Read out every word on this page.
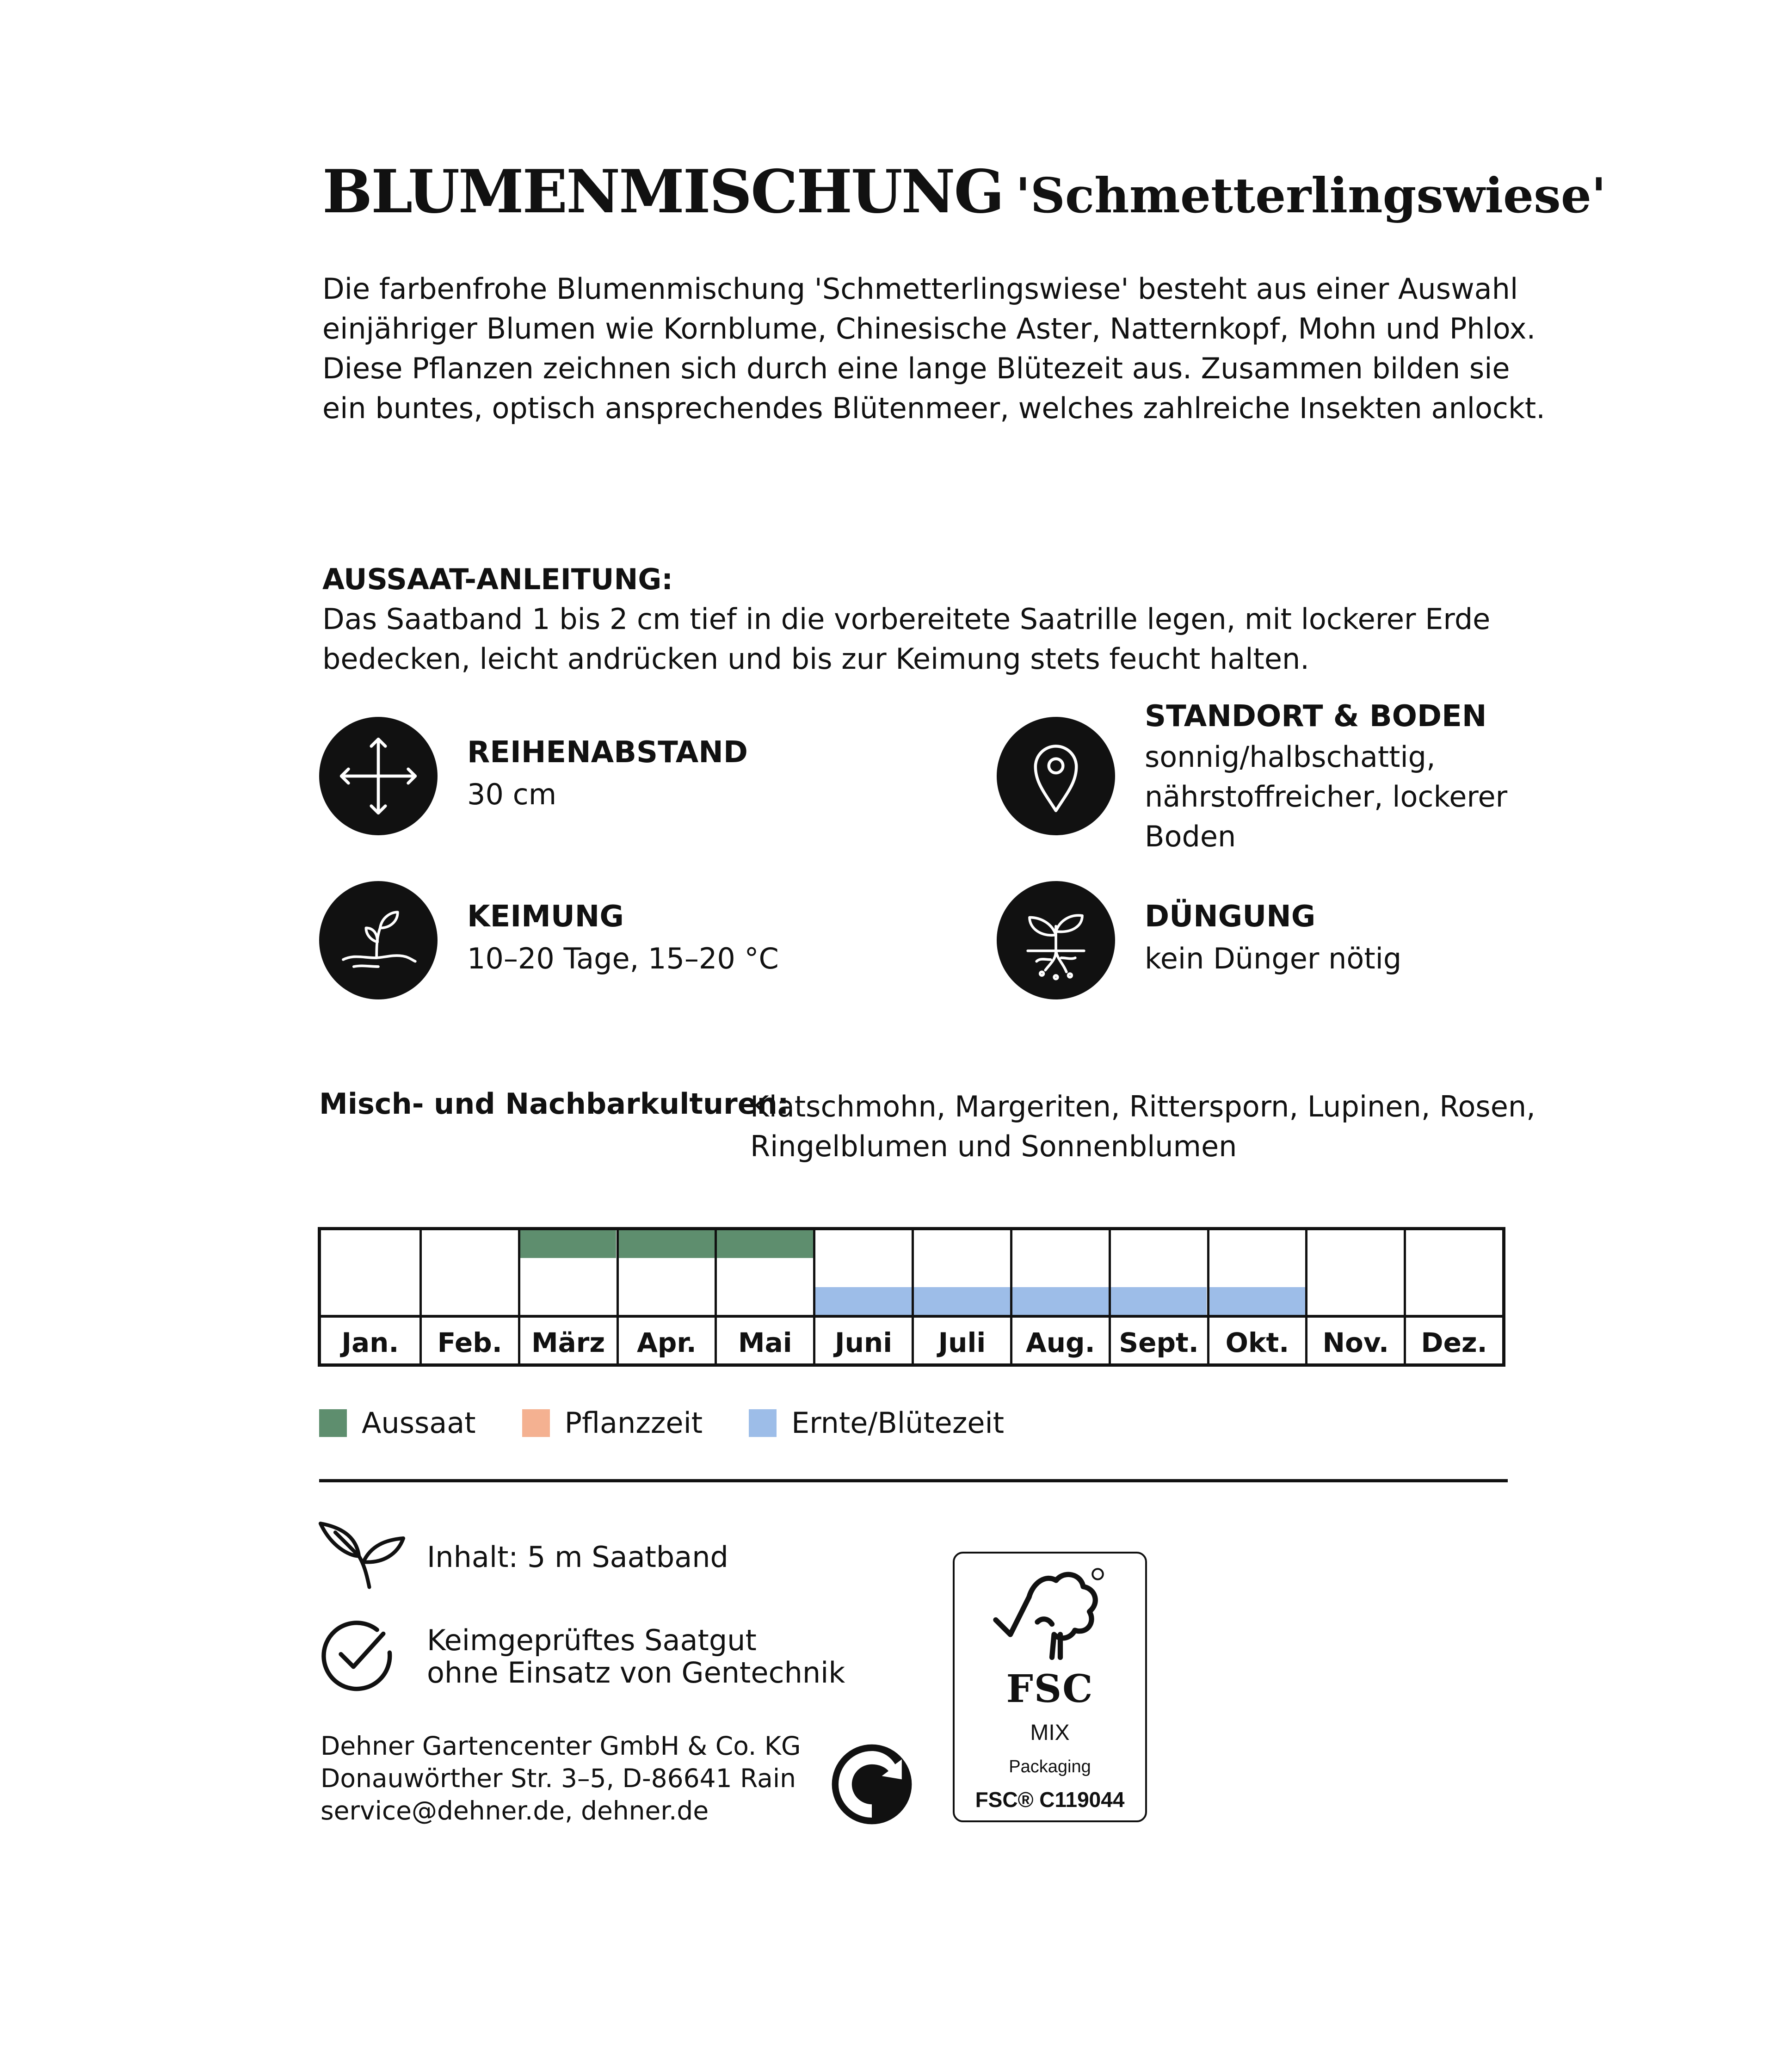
BLUMENMISCHUNG 'Schmetterlingswiese'
Die farbenfrohe Blumenmischung 'Schmetterlingswiese' besteht aus einer Auswahl
einjähriger Blumen wie Kornblume, Chinesische Aster, Natternkopf, Mohn und Phlox.
Diese Pflanzen zeichnen sich durch eine lange Blütezeit aus. Zusammen bilden sie
ein buntes, optisch ansprechendes Blütenmeer, welches zahlreiche Insekten anlockt.
AUSSAAT-ANLEITUNG:
Das Saatband 1 bis 2 cm tief in die vorbereitete Saatrille legen, mit lockerer Erde
bedecken, leicht andrücken und bis zur Keimung stets feucht halten.
REIHENABSTAND
30 cm
STANDORT & BODEN
sonnig/halbschattig,
nährstoffreicher, lockerer
Boden
KEIMUNG
10–20 Tage, 15–20 °C
DÜNGUNG
kein Dünger nötig
Misch- und Nachbarkulturen:
Klatschmohn, Margeriten, Rittersporn, Lupinen, Rosen,
Ringelblumen und Sonnenblumen
Jan.	Feb.	März	Apr.	Mai	Juni	Juli	Aug. Sept. Okt.	Nov.	Dez.
Aussaat	Pflanzzeit	Ernte/Blütezeit
Inhalt: 5 m Saatband
Keimgeprüftes Saatgut
ohne Einsatz von Gentechnik
Dehner Gartencenter GmbH & Co. KG
Donauwörther Str. 3–5, D-86641 Rain
service@dehner.de, dehner.de
FSC
MIX
Packaging
FSC® C119044
